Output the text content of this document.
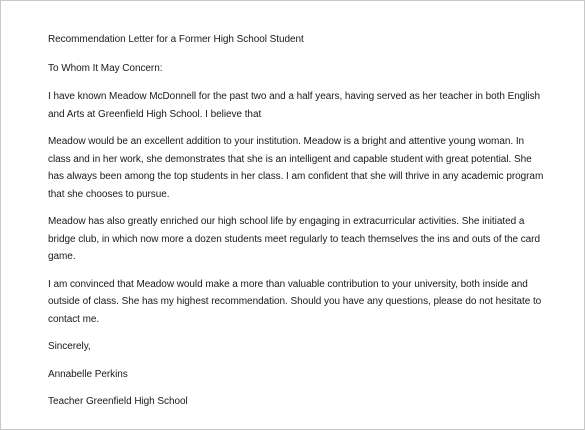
Recommendation Letter for a Former High School Student

To Whom It May Concern:

I have known Meadow McDonnell for the past two and a half years, having served as her teacher in both English and Arts at Greenfield High School. I believe that

Meadow would be an excellent addition to your institution. Meadow is a bright and attentive young woman. In class and in her work, she demonstrates that she is an intelligent and capable student with great potential. She has always been among the top students in her class. I am confident that she will thrive in any academic program that she chooses to pursue.

Meadow has also greatly enriched our high school life by engaging in extracurricular activities. She initiated a bridge club, in which now more a dozen students meet regularly to teach themselves the ins and outs of the card game.

I am convinced that Meadow would make a more than valuable contribution to your university, both inside and outside of class. She has my highest recommendation. Should you have any questions, please do not hesitate to contact me.

Sincerely,

Annabelle Perkins

Teacher Greenfield High School
